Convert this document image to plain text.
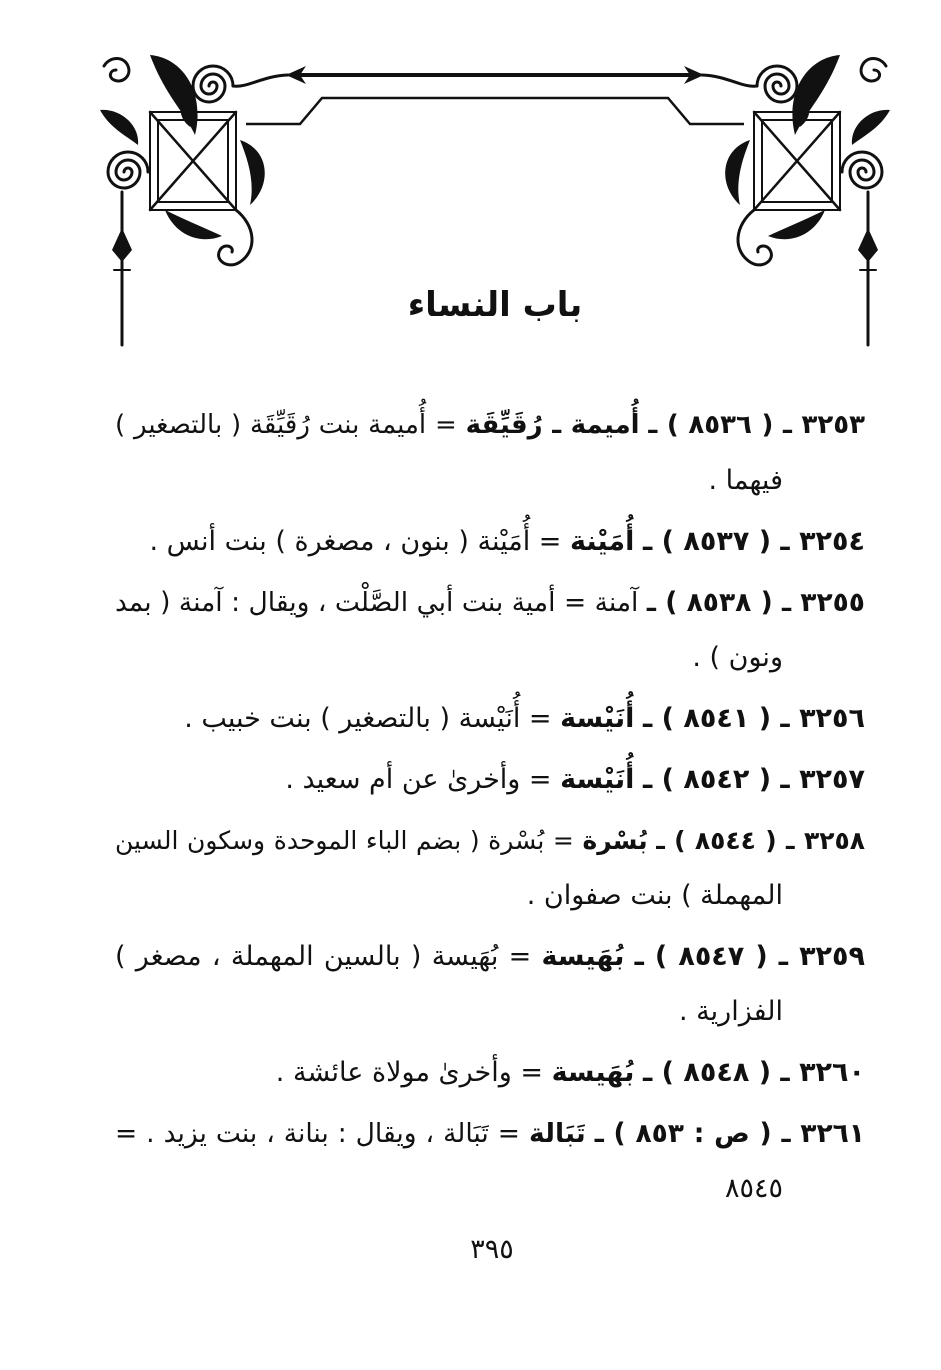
باب النساء
٣٢٥٣ ـ ( ٨٥٣٦ ) ـ أُميمة ـ رُقَيِّقَة = أُميمة بنت رُقَيِّقَة ( بالتصغير )
فيهما .
٣٢٥٤ ـ ( ٨٥٣٧ ) ـ أُمَيْنة = أُمَيْنة ( بنون ، مصغرة ) بنت أنس .
٣٢٥٥ ـ ( ٨٥٣٨ ) ـ آمنة = أمية بنت أبي الصَّلْت ، ويقال : آمنة ( بمد
ونون ) .
٣٢٥٦ ـ ( ٨٥٤١ ) ـ أُنَيْسة = أُنَيْسة ( بالتصغير ) بنت خبيب .
٣٢٥٧ ـ ( ٨٥٤٢ ) ـ أُنَيْسة = وأخرىٰ عن أم سعيد .
٣٢٥٨ ـ ( ٨٥٤٤ ) ـ بُسْرة = بُسْرة ( بضم الباء الموحدة وسكون السين
المهملة ) بنت صفوان .
٣٢٥٩ ـ ( ٨٥٤٧ ) ـ بُهَيسة = بُهَيسة ( بالسين المهملة ، مصغر )
الفزارية .
٣٢٦٠ ـ ( ٨٥٤٨ ) ـ بُهَيسة = وأخرىٰ مولاة عائشة .
٣٢٦١ ـ ( ص : ٨٥٣ ) ـ تَبَالة = تَبَالة ، ويقال : بنانة ، بنت يزيد . =
٨٥٤٥
٣٩٥
